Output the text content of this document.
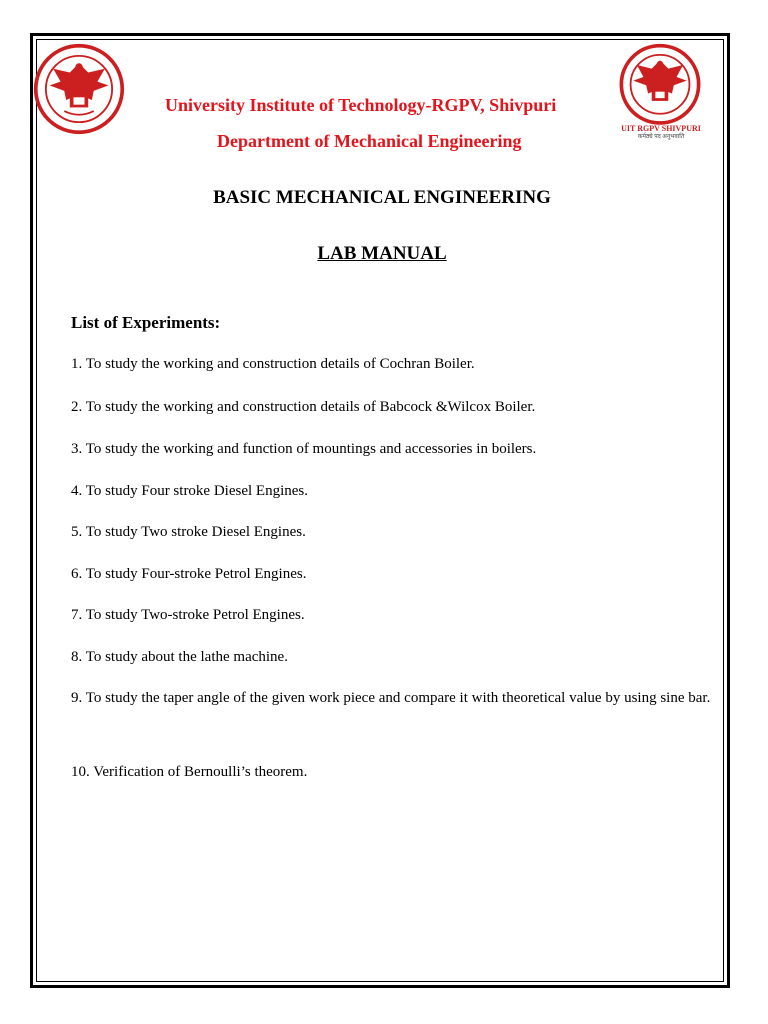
UIT RGPV SHIVPURI
कर्मठ्ये पद अनुभवाति
University Institute of Technology-RGPV, Shivpuri
Department of Mechanical Engineering
BASIC MECHANICAL ENGINEERING
LAB MANUAL
List of Experiments:
1. To study the working and construction details of Cochran Boiler.
2. To study the working and construction details of Babcock &Wilcox Boiler.
3. To study the working and function of mountings and accessories in boilers.
4. To study Four stroke Diesel Engines.
5. To study Two stroke Diesel Engines.
6. To study Four-stroke Petrol Engines.
7. To study Two-stroke Petrol Engines.
8. To study about the lathe machine.
9. To study the taper angle of the given work piece and compare it with theoretical value by using sine bar.
10. Verification of Bernoulli’s theorem.
